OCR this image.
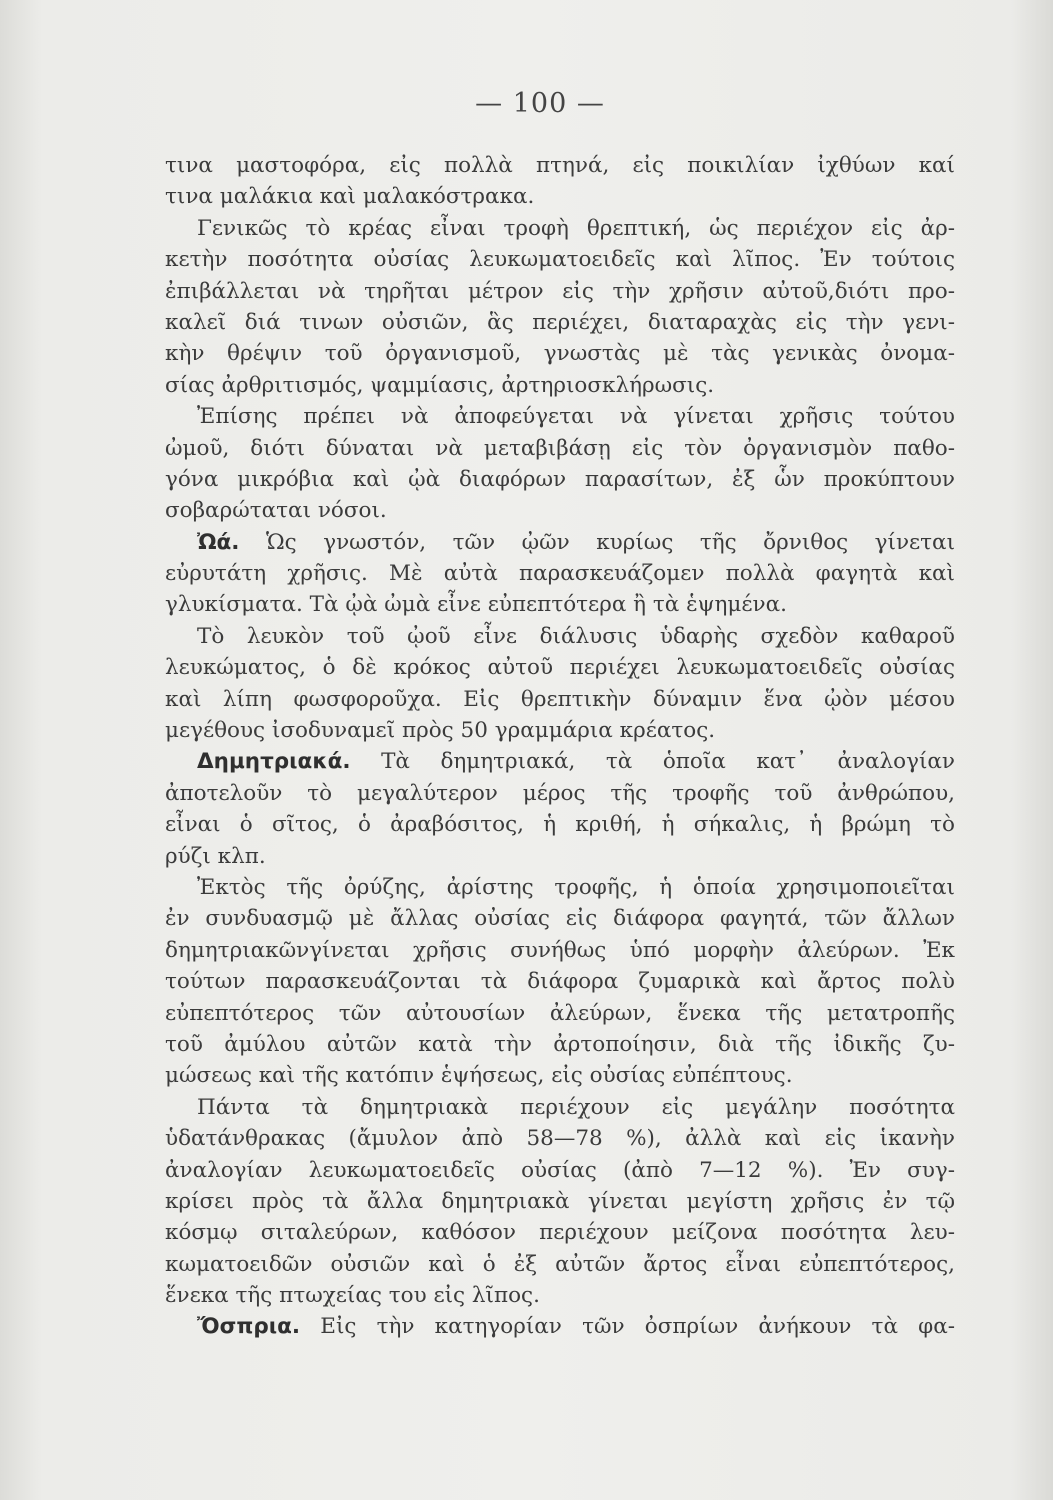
— 100 —
τινα μαστοφόρα, εἰς πολλὰ πτηνά, εἰς ποικιλίαν ἰχθύων καί
τινα μαλάκια καὶ μαλακόστρακα.
Γενικῶς τὸ κρέας εἶναι τροφὴ θρεπτική, ὡς περιέχον εἰς ἀρ-
κετὴν ποσότητα οὐσίας λευκωματοειδεῖς καὶ λῖπος. Ἐν τούτοις
ἐπιβάλλεται νὰ τηρῆται μέτρον εἰς τὴν χρῆσιν αὐτοῦ,διότι προ-
καλεῖ διά τινων οὐσιῶν, ἃς περιέχει, διαταραχὰς εἰς τὴν γενι-
κὴν θρέψιν τοῦ ὀργανισμοῦ, γνωστὰς μὲ τὰς γενικὰς ὀνομα-
σίας ἀρθριτισμός, ψαμμίασις, ἀρτηριοσκλήρωσις.
Ἐπίσης πρέπει νὰ ἀποφεύγεται νὰ γίνεται χρῆσις τούτου
ὠμοῦ, διότι δύναται νὰ μεταβιβάσῃ εἰς τὸν ὀργανισμὸν παθο-
γόνα μικρόβια καὶ ᾠὰ διαφόρων παρασίτων, ἐξ ὧν προκύπτουν
σοβαρώταται νόσοι.
Ὠά. Ὡς γνωστόν, τῶν ᾠῶν κυρίως τῆς ὄρνιθος γίνεται
εὐρυτάτη χρῆσις. Μὲ αὐτὰ παρασκευάζομεν πολλὰ φαγητὰ καὶ
γλυκίσματα. Τὰ ᾠὰ ὠμὰ εἶνε εὐπεπτότερα ἢ τὰ ἑψημένα.
Τὸ λευκὸν τοῦ ᾠοῦ εἶνε διάλυσις ὑδαρὴς σχεδὸν καθαροῦ
λευκώματος, ὁ δὲ κρόκος αὐτοῦ περιέχει λευκωματοειδεῖς οὐσίας
καὶ λίπη φωσφοροῦχα. Εἰς θρεπτικὴν δύναμιν ἕνα ᾠὸν μέσου
μεγέθους ἰσοδυναμεῖ πρὸς 50 γραμμάρια κρέατος.
Δημητριακά. Τὰ δημητριακά, τὰ ὁποῖα κατ᾽ ἀναλογίαν
ἀποτελοῦν τὸ μεγαλύτερον μέρος τῆς τροφῆς τοῦ ἀνθρώπου,
εἶναι ὁ σῖτος, ὁ ἀραβόσιτος, ἡ κριθή, ἡ σήκαλις, ἡ βρώμη τὸ
ρύζι κλπ.
Ἐκτὸς τῆς ὀρύζης, ἀρίστης τροφῆς, ἡ ὁποία χρησιμοποιεῖται
ἐν συνδυασμῷ μὲ ἄλλας οὐσίας εἰς διάφορα φαγητά, τῶν ἄλλων
δημητριακῶνγίνεται χρῆσις συνήθως ὑπό μορφὴν ἀλεύρων. Ἐκ
τούτων παρασκευάζονται τὰ διάφορα ζυμαρικὰ καὶ ἄρτος πολὺ
εὐπεπτότερος τῶν αὐτουσίων ἀλεύρων, ἕνεκα τῆς μετατροπῆς
τοῦ ἀμύλου αὐτῶν κατὰ τὴν ἀρτοποίησιν, διὰ τῆς ἰδικῆς ζυ-
μώσεως καὶ τῆς κατόπιν ἑψήσεως, εἰς οὐσίας εὐπέπτους.
Πάντα τὰ δημητριακὰ περιέχουν εἰς μεγάλην ποσότητα
ὑδατάνθρακας (ἄμυλον ἀπὸ 58—78 %), ἀλλὰ καὶ εἰς ἱκανὴν
ἀναλογίαν λευκωματοειδεῖς οὐσίας (ἀπὸ 7—12 %). Ἐν συγ-
κρίσει πρὸς τὰ ἄλλα δημητριακὰ γίνεται μεγίστη χρῆσις ἐν τῷ
κόσμῳ σιταλεύρων, καθόσον περιέχουν μείζονα ποσότητα λευ-
κωματοειδῶν οὐσιῶν καὶ ὁ ἐξ αὐτῶν ἄρτος εἶναι εὐπεπτότερος,
ἕνεκα τῆς πτωχείας του εἰς λῖπος.
Ὄσπρια. Εἰς τὴν κατηγορίαν τῶν ὀσπρίων ἀνήκουν τὰ φα-
